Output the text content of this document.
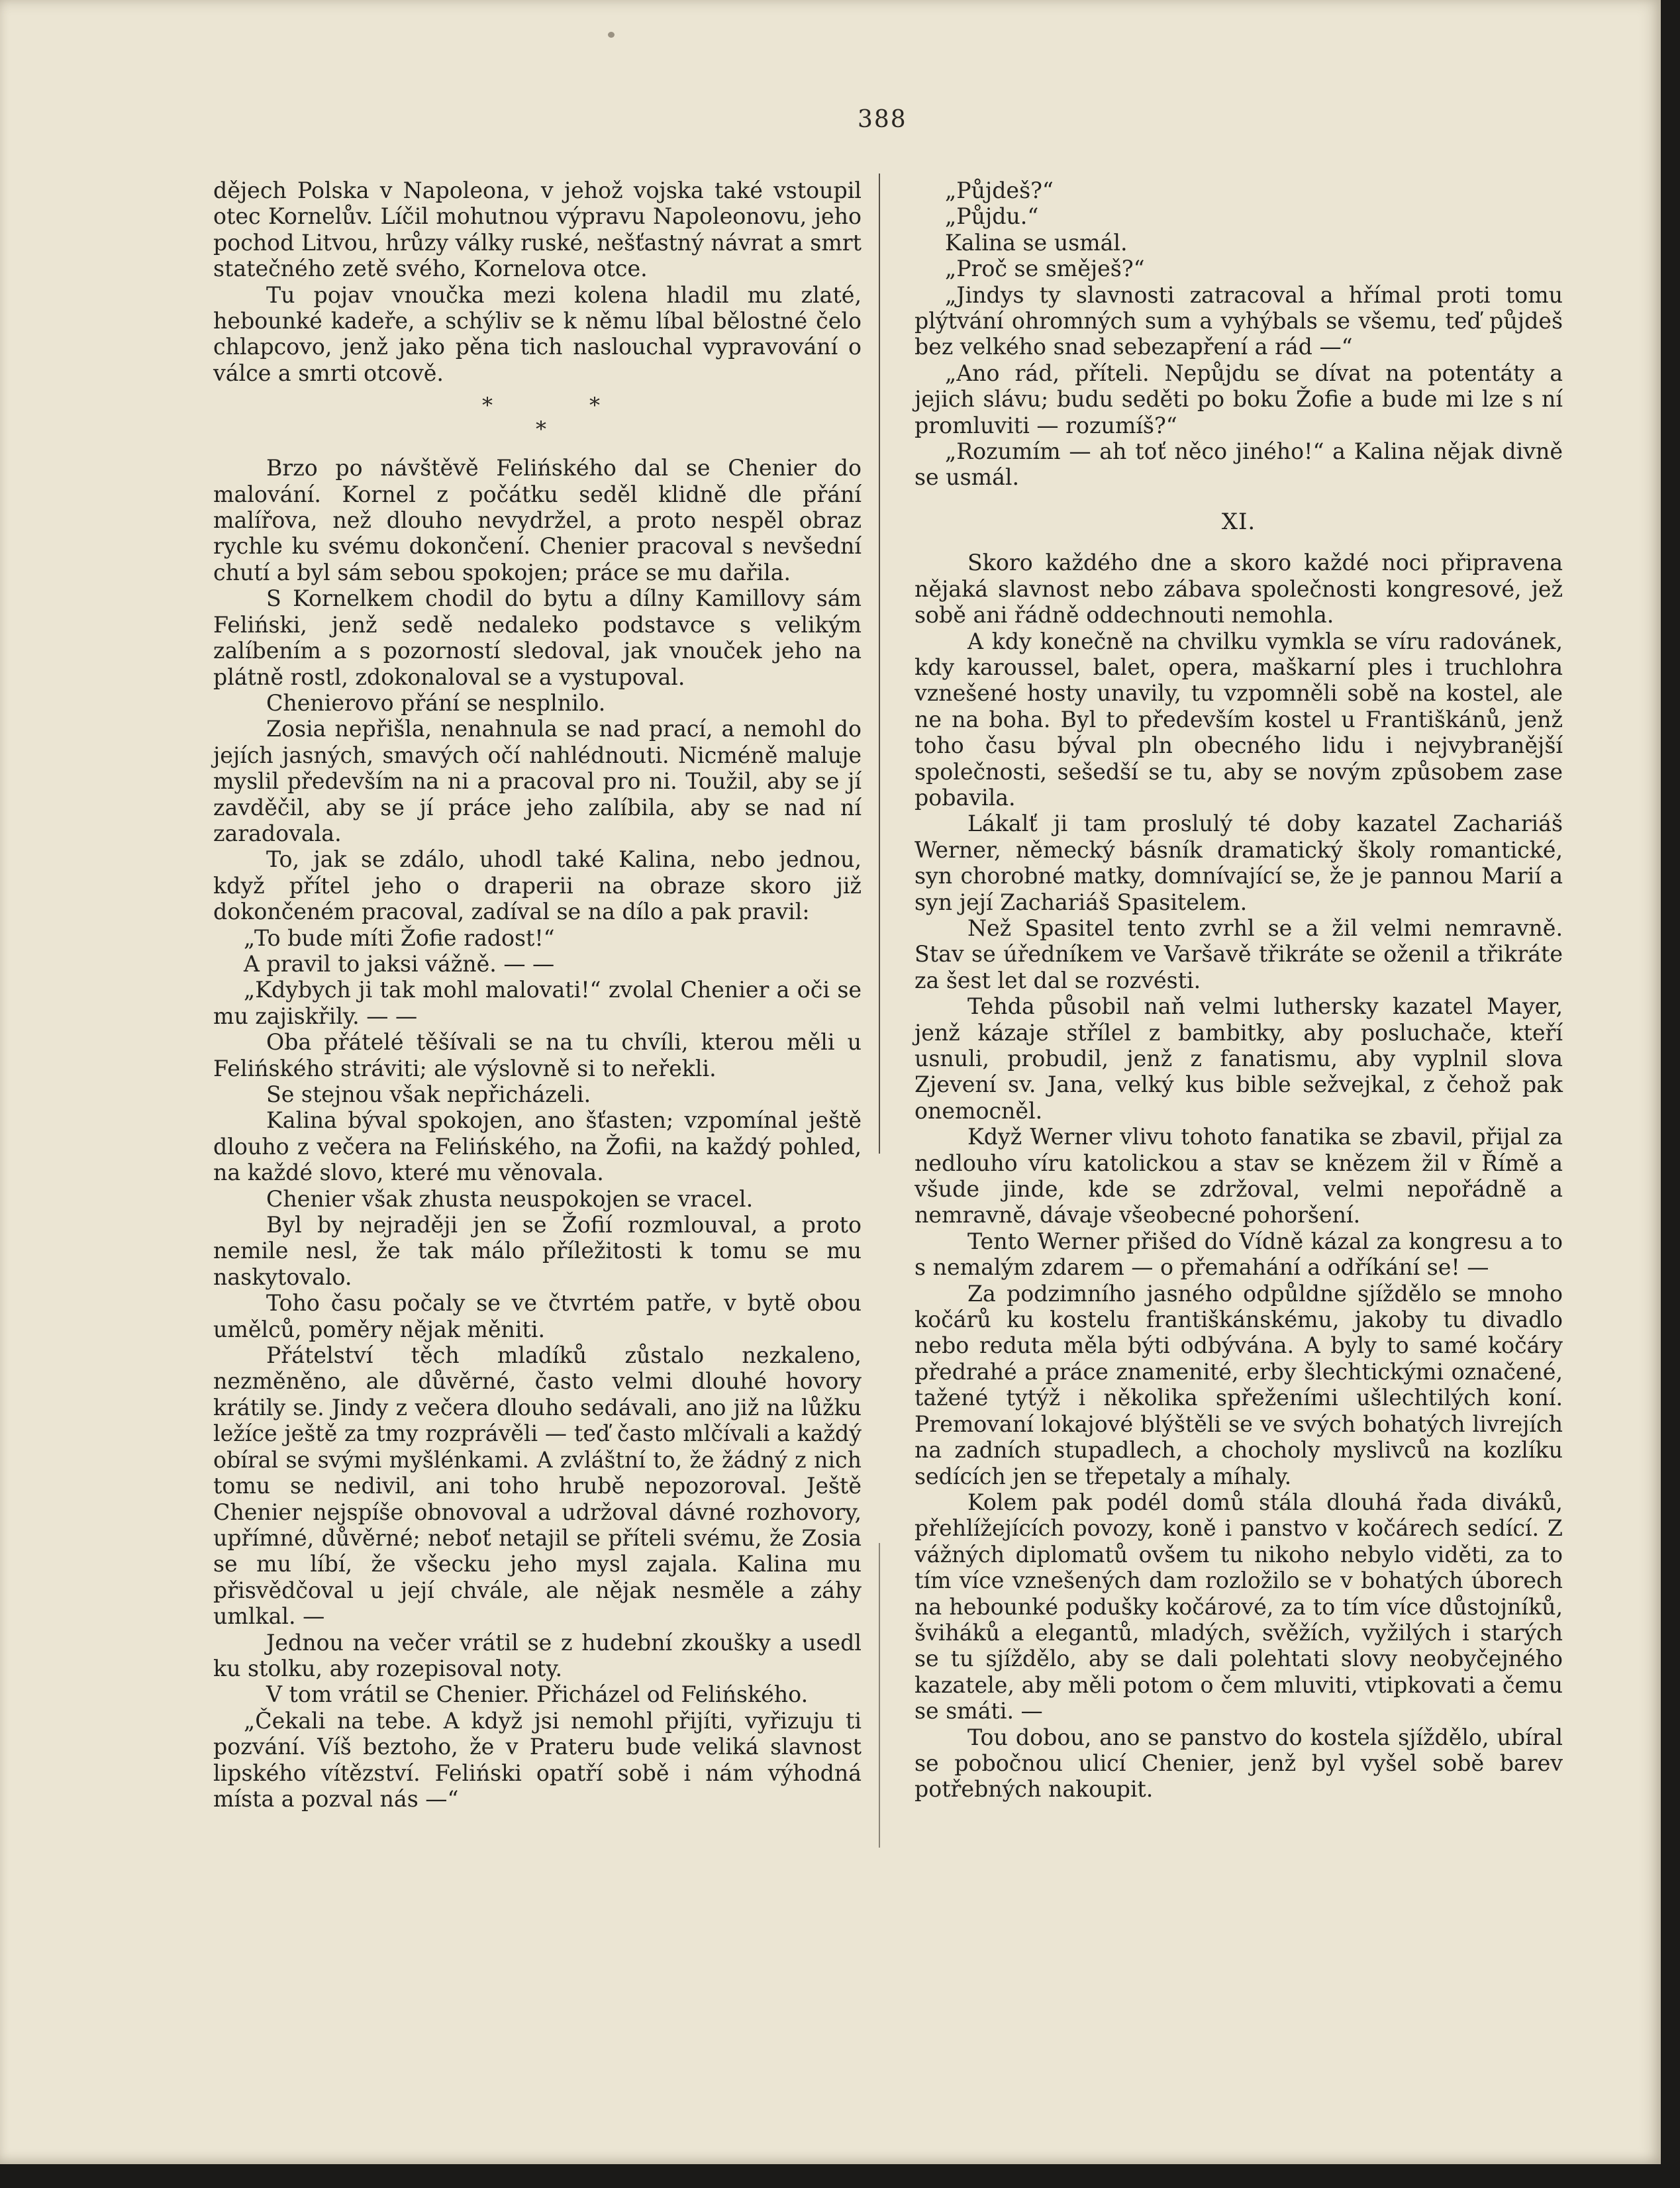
388

dějech Polska v Napoleona, v jehož vojska také vstoupil otec Kornelův. Líčil mohutnou výpravu Napoleonovu, jeho pochod Litvou, hrůzy války ruské, nešťastný návrat a smrt statečného zetě svého, Kornelova otce.

Tu pojav vnoučka mezi kolena hladil mu zlaté, hebounké kadeře, a schýliv se k němu líbal bělostné čelo chlapcovo, jenž jako pěna tich naslouchal vypravování o válce a smrti otcově.

*	*
*

Brzo po návštěvě Felińského dal se Chenier do malování. Kornel z počátku seděl klidně dle přání malířova, než dlouho nevydržel, a proto nespěl obraz rychle ku svému dokončení. Chenier pracoval s nevšední chutí a byl sám sebou spokojen; práce se mu dařila.

S Kornelkem chodil do bytu a dílny Kamillovy sám Feliński, jenž sedě nedaleko podstavce s velikým zalíbením a s pozorností sledoval, jak vnouček jeho na plátně rostl, zdokonaloval se a vystupoval.

Chenierovo přání se nesplnilo.

Zosia nepřišla, nenahnula se nad prací, a nemohl do jejích jasných, smavých očí nahlédnouti. Nicméně maluje myslil především na ni a pracoval pro ni. Toužil, aby se jí zavděčil, aby se jí práce jeho zalíbila, aby se nad ní zaradovala.

To, jak se zdálo, uhodl také Kalina, nebo jednou, když přítel jeho o draperii na obraze skoro již dokončeném pracoval, zadíval se na dílo a pak pravil:

„To bude míti Žofie radost!“

A pravil to jaksi vážně. — —

„Kdybych ji tak mohl malovati!“ zvolal Chenier a oči se mu zajiskřily. — —

Oba přátelé těšívali se na tu chvíli, kterou měli u Felińského stráviti; ale výslovně si to neřekli.

Se stejnou však nepřicházeli.

Kalina býval spokojen, ano šťasten; vzpomínal ještě dlouho z večera na Felińského, na Žofii, na každý pohled, na každé slovo, které mu věnovala.

Chenier však zhusta neuspokojen se vracel.

Byl by nejraději jen se Žofií rozmlouval, a proto nemile nesl, že tak málo příležitosti k tomu se mu naskytovalo.

Toho času počaly se ve čtvrtém patře, v bytě obou umělců, poměry nějak měniti.

Přátelství těch mladíků zůstalo nezkaleno, nezměněno, ale důvěrné, často velmi dlouhé hovory krátily se. Jindy z večera dlouho sedávali, ano již na lůžku ležíce ještě za tmy rozprávěli — teď často mlčívali a každý obíral se svými myšlénkami. A zvláštní to, že žádný z nich tomu se nedivil, ani toho hrubě nepozoroval. Ještě Chenier nejspíše obnovoval a udržoval dávné rozhovory, upřímné, důvěrné; neboť netajil se příteli svému, že Zosia se mu líbí, že všecku jeho mysl zajala. Kalina mu přisvědčoval u její chvále, ale nějak nesměle a záhy umlkal. —

Jednou na večer vrátil se z hudební zkoušky a usedl ku stolku, aby rozepisoval noty.

V tom vrátil se Chenier. Přicházel od Felińského.

„Čekali na tebe. A když jsi nemohl přijíti, vyřizuju ti pozvání. Víš beztoho, že v Prateru bude veliká slavnost lipského vítězství. Feliński opatří sobě i nám výhodná místa a pozval nás —“

„Půjdeš?“

„Půjdu.“

Kalina se usmál.

„Proč se směješ?“

„Jindys ty slavnosti zatracoval a hřímal proti tomu plýtvání ohromných sum a vyhýbals se všemu, teď půjdeš bez velkého snad sebezapření a rád —“

„Ano rád, příteli. Nepůjdu se dívat na potentáty a jejich slávu; budu seděti po boku Žofie a bude mi lze s ní promluviti — rozumíš?“

„Rozumím — ah toť něco jiného!“ a Kalina nějak divně se usmál.

XI.

Skoro každého dne a skoro každé noci připravena nějaká slavnost nebo zábava společnosti kongresové, jež sobě ani řádně oddechnouti nemohla.

A kdy konečně na chvilku vymkla se víru radovánek, kdy karoussel, balet, opera, maškarní ples i truchlohra vznešené hosty unavily, tu vzpomněli sobě na kostel, ale ne na boha. Byl to především kostel u Františkánů, jenž toho času býval pln obecného lidu i nejvybranější společnosti, sešedší se tu, aby se novým způsobem zase pobavila.

Lákalť ji tam proslulý té doby kazatel Zachariáš Werner, německý básník dramatický školy romantické, syn chorobné matky, domnívající se, že je pannou Marií a syn její Zachariáš Spasitelem.

Než Spasitel tento zvrhl se a žil velmi nemravně. Stav se úředníkem ve Varšavě třikráte se oženil a třikráte za šest let dal se rozvésti.

Tehda působil naň velmi luthersky kazatel Mayer, jenž kázaje střílel z bambitky, aby posluchače, kteří usnuli, probudil, jenž z fanatismu, aby vyplnil slova Zjevení sv. Jana, velký kus bible sežvejkal, z čehož pak onemocněl.

Když Werner vlivu tohoto fanatika se zbavil, přijal za nedlouho víru katolickou a stav se knězem žil v Římě a všude jinde, kde se zdržoval, velmi nepořádně a nemravně, dávaje všeobecné pohoršení.

Tento Werner přišed do Vídně kázal za kongresu a to s nemalým zdarem — o přemahání a odříkání se! —

Za podzimního jasného odpůldne sjíždělo se mnoho kočárů ku kostelu františkánskému, jakoby tu divadlo nebo reduta měla býti odbývána. A byly to samé kočáry předrahé a práce znamenité, erby šlechtickými označené, tažené tytýž i několika spřeženími ušlechtilých koní. Premovaní lokajové blýštěli se ve svých bohatých livrejích na zadních stupadlech, a chocholy myslivců na kozlíku sedících jen se třepetaly a míhaly.

Kolem pak podél domů stála dlouhá řada diváků, přehlížejících povozy, koně i panstvo v kočárech sedící. Z vážných diplomatů ovšem tu nikoho nebylo viděti, za to tím více vznešených dam rozložilo se v bohatých úborech na hebounké podušky kočárové, za to tím více důstojníků, šviháků a elegantů, mladých, svěžích, vyžilých i starých se tu sjíždělo, aby se dali polehtati slovy neobyčejného kazatele, aby měli potom o čem mluviti, vtipkovati a čemu se smáti. —

Tou dobou, ano se panstvo do kostela sjíždělo, ubíral se pobočnou ulicí Chenier, jenž byl vyšel sobě barev potřebných nakoupit.
